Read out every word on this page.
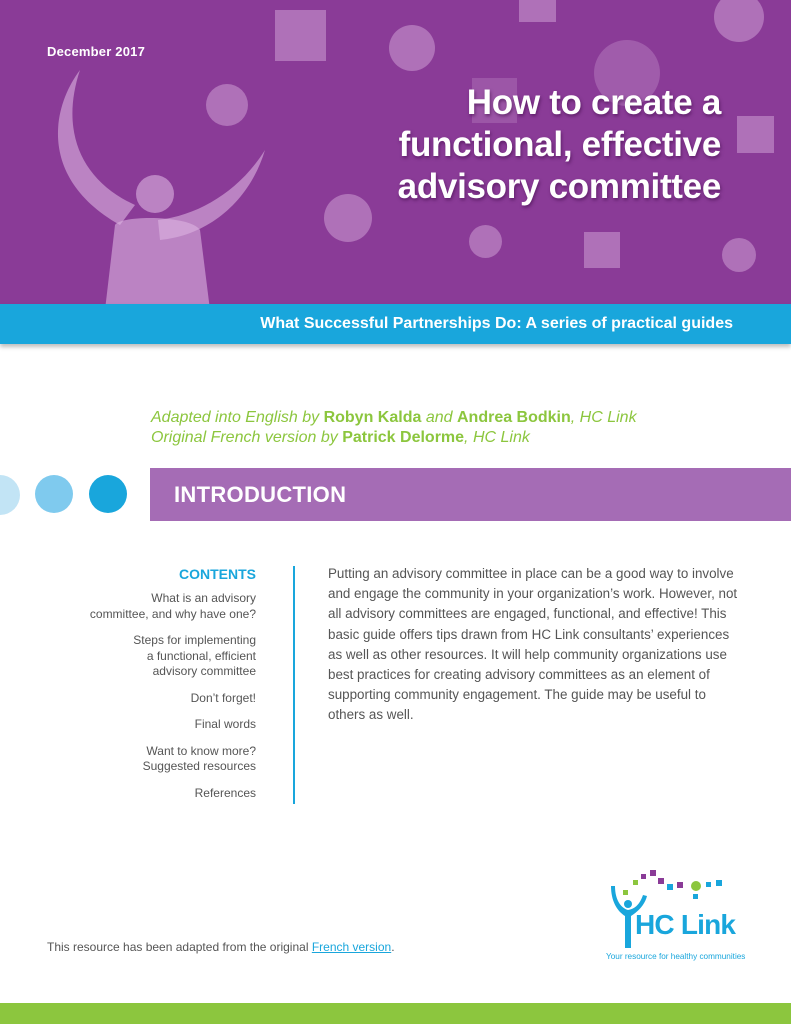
December 2017
How to create a
functional, effective
advisory committee
What Successful Partnerships Do: A series of practical guides
Adapted into English by Robyn Kalda and Andrea Bodkin, HC Link
Original French version by Patrick Delorme, HC Link
INTRODUCTION
CONTENTS
What is an advisory
committee, and why have one?
Steps for implementing
a functional, efficient
advisory committee
Don’t forget!
Final words
Want to know more?
Suggested resources
References
Putting an advisory committee in place can be a good way to involve and engage the community in your organization’s work. However, not all advisory committees are engaged, functional, and effective! This basic guide offers tips drawn from HC Link consultants’ experiences as well as other resources. It will help community organizations use best practices for creating advisory committees as an element of supporting community engagement. The guide may be useful to others as well.
This resource has been adapted from the original French version.
HC Link
Your resource for healthy communities
